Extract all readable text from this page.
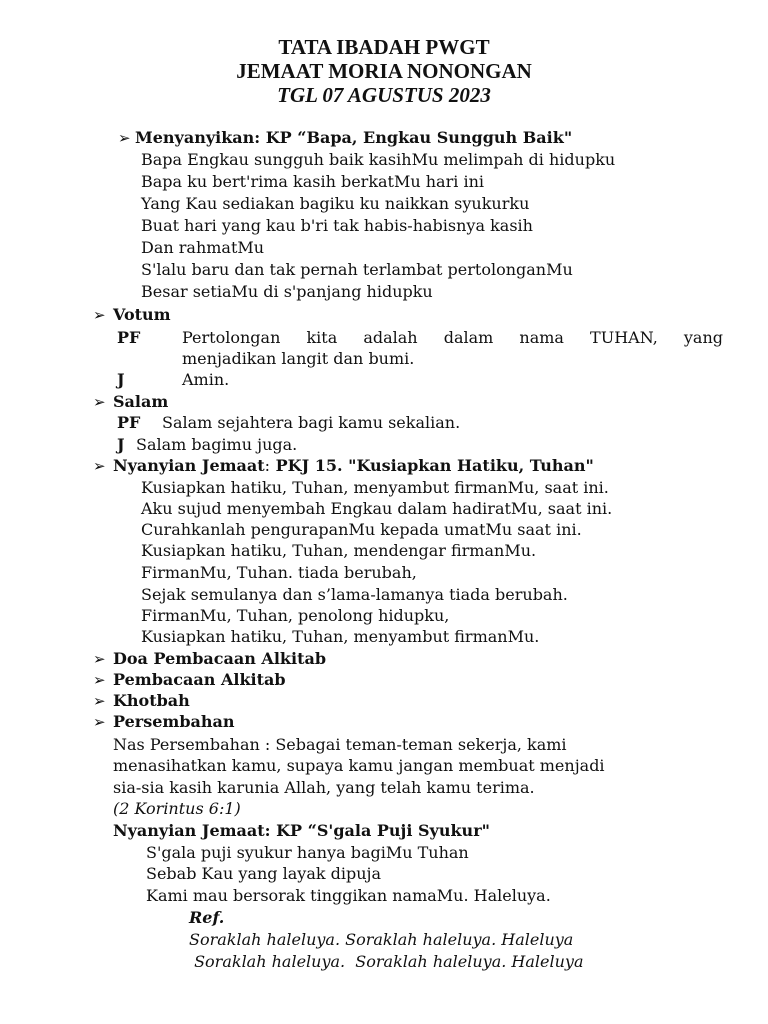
TATA IBADAH PWGT
JEMAAT MORIA NONONGAN
TGL 07 AGUSTUS 2023
➢ Menyanyikan: KP “Bapa, Engkau Sungguh Baik"
Bapa Engkau sungguh baik kasihMu melimpah di hidupku
Bapa ku bert'rima kasih berkatMu hari ini
Yang Kau sediakan bagiku ku naikkan syukurku
Buat hari yang kau b'ri tak habis-habisnya kasih
Dan rahmatMu
S'lalu baru dan tak pernah terlambat pertolonganMu
Besar setiaMu di s'panjang hidupku
➢ Votum
PF	Pertolongan kita adalah dalam nama TUHAN, yang
menjadikan langit dan bumi.
J	Amin.
➢ Salam
PF Salam sejahtera bagi kamu sekalian.
J Salam bagimu juga.
➢ Nyanyian Jemaat: PKJ 15. "Kusiapkan Hatiku, Tuhan"
Kusiapkan hatiku, Tuhan, menyambut firmanMu, saat ini.
Aku sujud menyembah Engkau dalam hadiratMu, saat ini.
Curahkanlah pengurapanMu kepada umatMu saat ini.
Kusiapkan hatiku, Tuhan, mendengar firmanMu.
FirmanMu, Tuhan. tiada berubah,
Sejak semulanya dan s’lama-lamanya tiada berubah.
FirmanMu, Tuhan, penolong hidupku,
Kusiapkan hatiku, Tuhan, menyambut firmanMu.
➢ Doa Pembacaan Alkitab
➢ Pembacaan Alkitab
➢ Khotbah
➢ Persembahan
Nas Persembahan : Sebagai teman-teman sekerja, kami
menasihatkan kamu, supaya kamu jangan membuat menjadi
sia-sia kasih karunia Allah, yang telah kamu terima.
(2 Korintus 6:1)
Nyanyian Jemaat: KP “S'gala Puji Syukur"
S'gala puji syukur hanya bagiMu Tuhan
Sebab Kau yang layak dipuja
Kami mau bersorak tinggikan namaMu. Haleluya.
Ref.
Soraklah haleluya. Soraklah haleluya. Haleluya
Soraklah haleluya.  Soraklah haleluya. Haleluya
